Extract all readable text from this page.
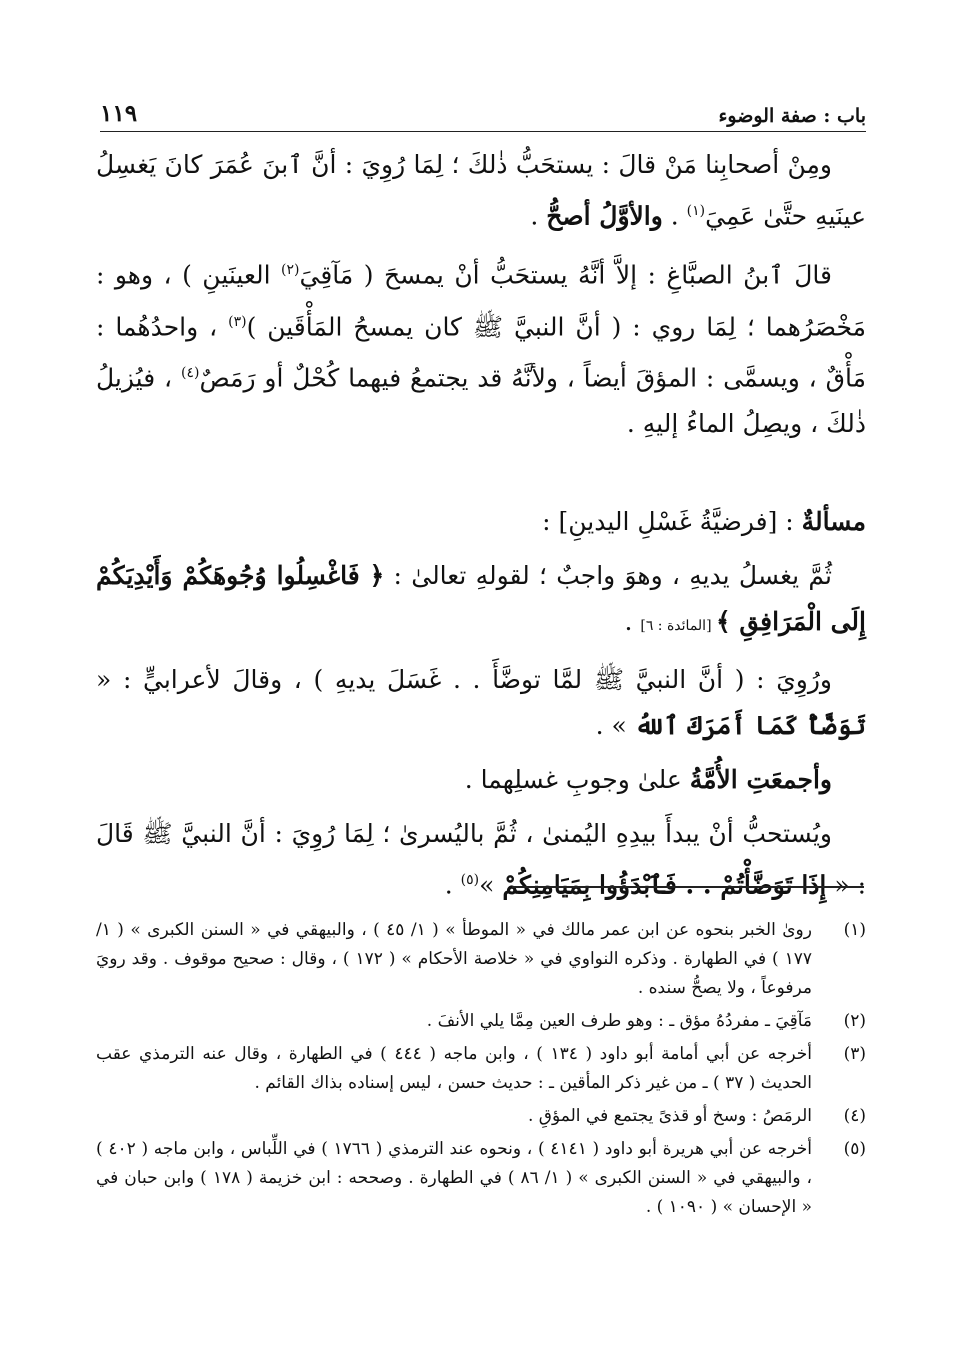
١١٩	باب : صفة الوضوء

ومِنْ أصحابِنا مَنْ قالَ : يستحَبُّ ذٰلكَ ؛ لِمَا رُوِيَ : أنَّ ٱبنَ عُمَرَ كانَ يَغسِلُ عينَيهِ حتَّىٰ عَمِيَ$^{(١)}$ . والأوَّلُ أصحُّ .

قالَ ٱبنُ الصبَّاغِ : إلاَّ أنَّهُ يستحَبُّ أنْ يمسحَ ( مَآقِيَ$^{(٢)}$ العينَينِ ) ، وهو : مَخْصَرُهما ؛ لِمَا روي : ( أنَّ النبيَّ ﷺ كان يمسحُ المَأْقَين )$^{(٣)}$ ، واحدُهُما : مَأْقٌ ، ويسمَّى : المؤقَ أيضاً ، ولأنَّهُ قد يجتمعُ فيهما كُحْلٌ أو رَمَصٌ$^{(٤)}$ ، فيُزيلُ ذٰلكَ ، ويصِلُ الماءُ إليهِ .

مسألةٌ : [فرضيَّةُ غَسْلِ اليدينِ] :

ثُمَّ يغسلُ يديهِ ، وهوَ واجبٌ ؛ لقولهِ تعالىٰ : ﴿ فَاغْسِلُوا وُجُوهَكُمْ وَأَيْدِيَكُمْ إِلَى الْمَرَافِقِ ﴾ [المائدة : ٦] .

ورُوِيَ : ( أنَّ النبيَّ ﷺ لمَّا توضَّأَ . . غَسَلَ يديهِ ) ، وقالَ لأعرابيٍّ : « تَوَضَّأْ كَمَا أَمَرَكَ ٱللهُ » .

وأجمعَتِ الأُمَّةُ علىٰ وجوبِ غسلِهما .

ويُستحبُّ أنْ يبدأَ بيدِهِ اليُمنىٰ ، ثُمَّ باليُسرىٰ ؛ لِمَا رُوِيَ : أنَّ النبيَّ ﷺ قَالَ : « إِذَا تَوَضَّأْتُمْ . . فَٱبْدَؤُوا بِمَيَامِنِكُمْ »$^{(٥)}$ .

(١)
رویٰ الخبر بنحوه عن ابن عمر مالك في « الموطأ » ( ١/ ٤٥ ) ، والبيهقي في « السنن الكبرى » ( ١/ ١٧٧ ) في الطهارة . وذكره النواوي في « خلاصة الأحكام » ( ١٧٢ ) ، وقال : صحيح موقوف . وقد رويَ مرفوعاً ، ولا يصحُّ سنده .
(٢)
مَآقِيَ ـ مفردُهُ مؤق ـ : وهو طرف العين مِمَّا يلي الأنفَ .
(٣)
أخرجه عن أبي أمامة أبو داود ( ١٣٤ ) ، وابن ماجه ( ٤٤٤ ) في الطهارة ، وقال عنه الترمذي عقب الحديث ( ٣٧ ) ـ من غير ذكر المأقين ـ : حديث حسن ، ليس إسناده بذاك القائم .
(٤)
الرمَصُ : وسخ أو قذىً يجتمع في المؤقِ .
(٥)
أخرجه عن أبي هريرة أبو داود ( ٤١٤١ ) ، ونحوه عند الترمذي ( ١٧٦٦ ) في اللِّباس ، وابن ماجه ( ٤٠٢ ) ، والبيهقي في « السنن الكبرى » ( ١/ ٨٦ ) في الطهارة . وصححه : ابن خزيمة ( ١٧٨ ) وابن حبان في « الإحسان » ( ١٠٩٠ ) .
